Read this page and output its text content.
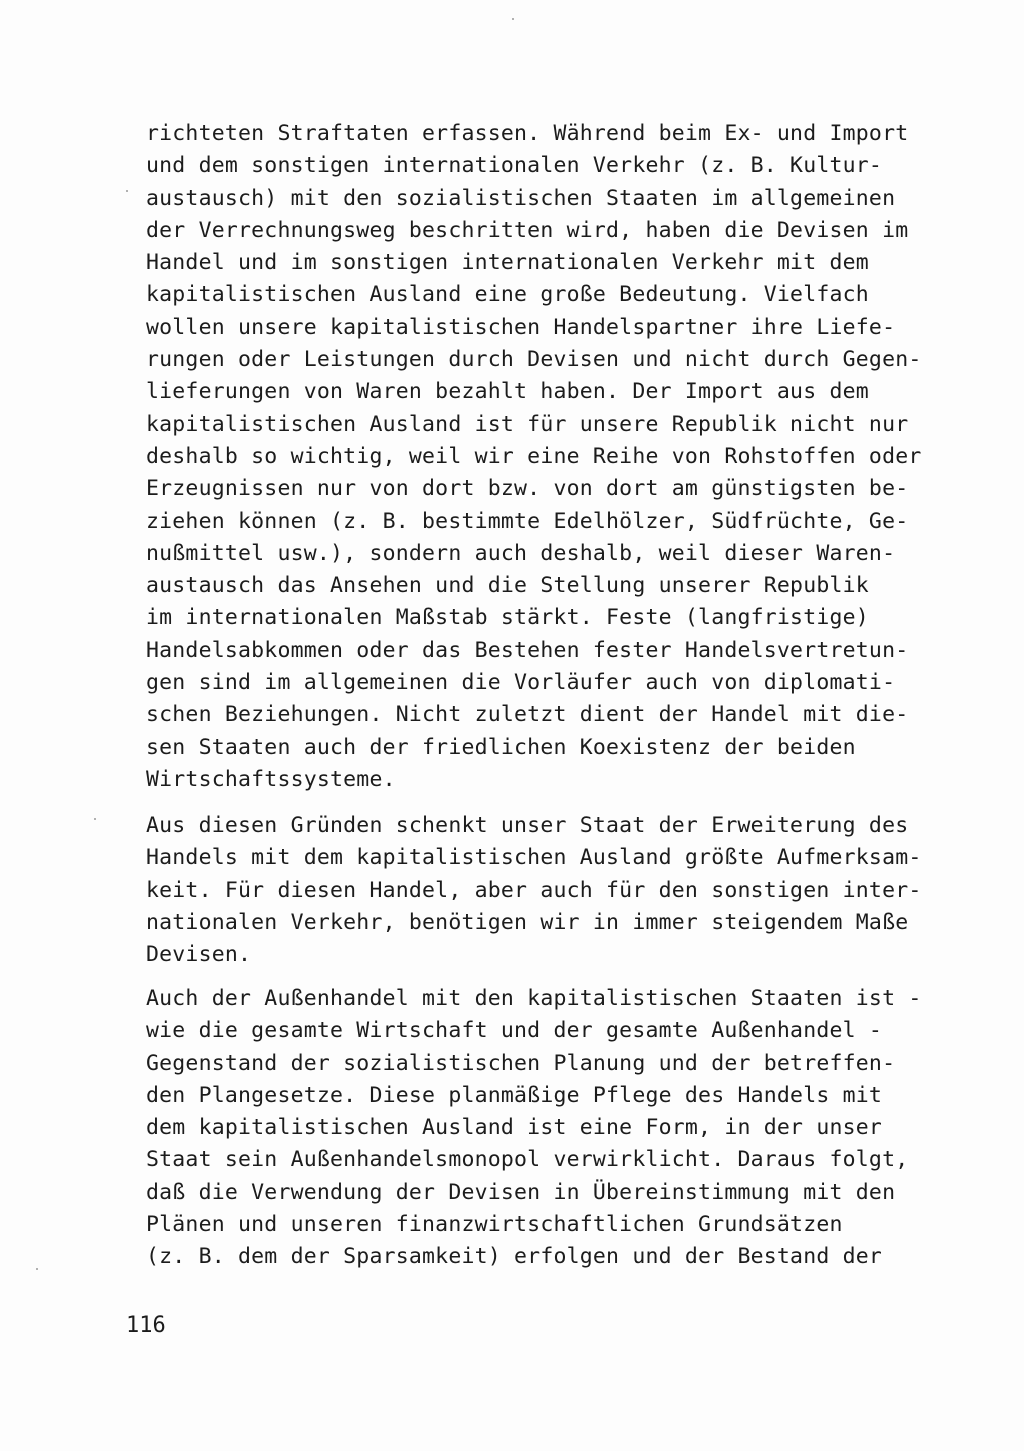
richteten Straftaten erfassen. Während beim Ex- und Import
und dem sonstigen internationalen Verkehr (z. B. Kultur-
austausch) mit den sozialistischen Staaten im allgemeinen
der Verrechnungsweg beschritten wird, haben die Devisen im
Handel und im sonstigen internationalen Verkehr mit dem
kapitalistischen Ausland eine große Bedeutung. Vielfach
wollen unsere kapitalistischen Handelspartner ihre Liefe-
rungen oder Leistungen durch Devisen und nicht durch Gegen-
lieferungen von Waren bezahlt haben. Der Import aus dem
kapitalistischen Ausland ist für unsere Republik nicht nur
deshalb so wichtig, weil wir eine Reihe von Rohstoffen oder
Erzeugnissen nur von dort bzw. von dort am günstigsten be-
ziehen können (z. B. bestimmte Edelhölzer, Südfrüchte, Ge-
nußmittel usw.), sondern auch deshalb, weil dieser Waren-
austausch das Ansehen und die Stellung unserer Republik
im internationalen Maßstab stärkt. Feste (langfristige)
Handelsabkommen oder das Bestehen fester Handelsvertretun-
gen sind im allgemeinen die Vorläufer auch von diplomati-
schen Beziehungen. Nicht zuletzt dient der Handel mit die-
sen Staaten auch der friedlichen Koexistenz der beiden
Wirtschaftssysteme.
Aus diesen Gründen schenkt unser Staat der Erweiterung des
Handels mit dem kapitalistischen Ausland größte Aufmerksam-
keit. Für diesen Handel, aber auch für den sonstigen inter-
nationalen Verkehr, benötigen wir in immer steigendem Maße
Devisen.
Auch der Außenhandel mit den kapitalistischen Staaten ist -
wie die gesamte Wirtschaft und der gesamte Außenhandel -
Gegenstand der sozialistischen Planung und der betreffen-
den Plangesetze. Diese planmäßige Pflege des Handels mit
dem kapitalistischen Ausland ist eine Form, in der unser
Staat sein Außenhandelsmonopol verwirklicht. Daraus folgt,
daß die Verwendung der Devisen in Übereinstimmung mit den
Plänen und unseren finanzwirtschaftlichen Grundsätzen
(z. B. dem der Sparsamkeit) erfolgen und der Bestand der
116
